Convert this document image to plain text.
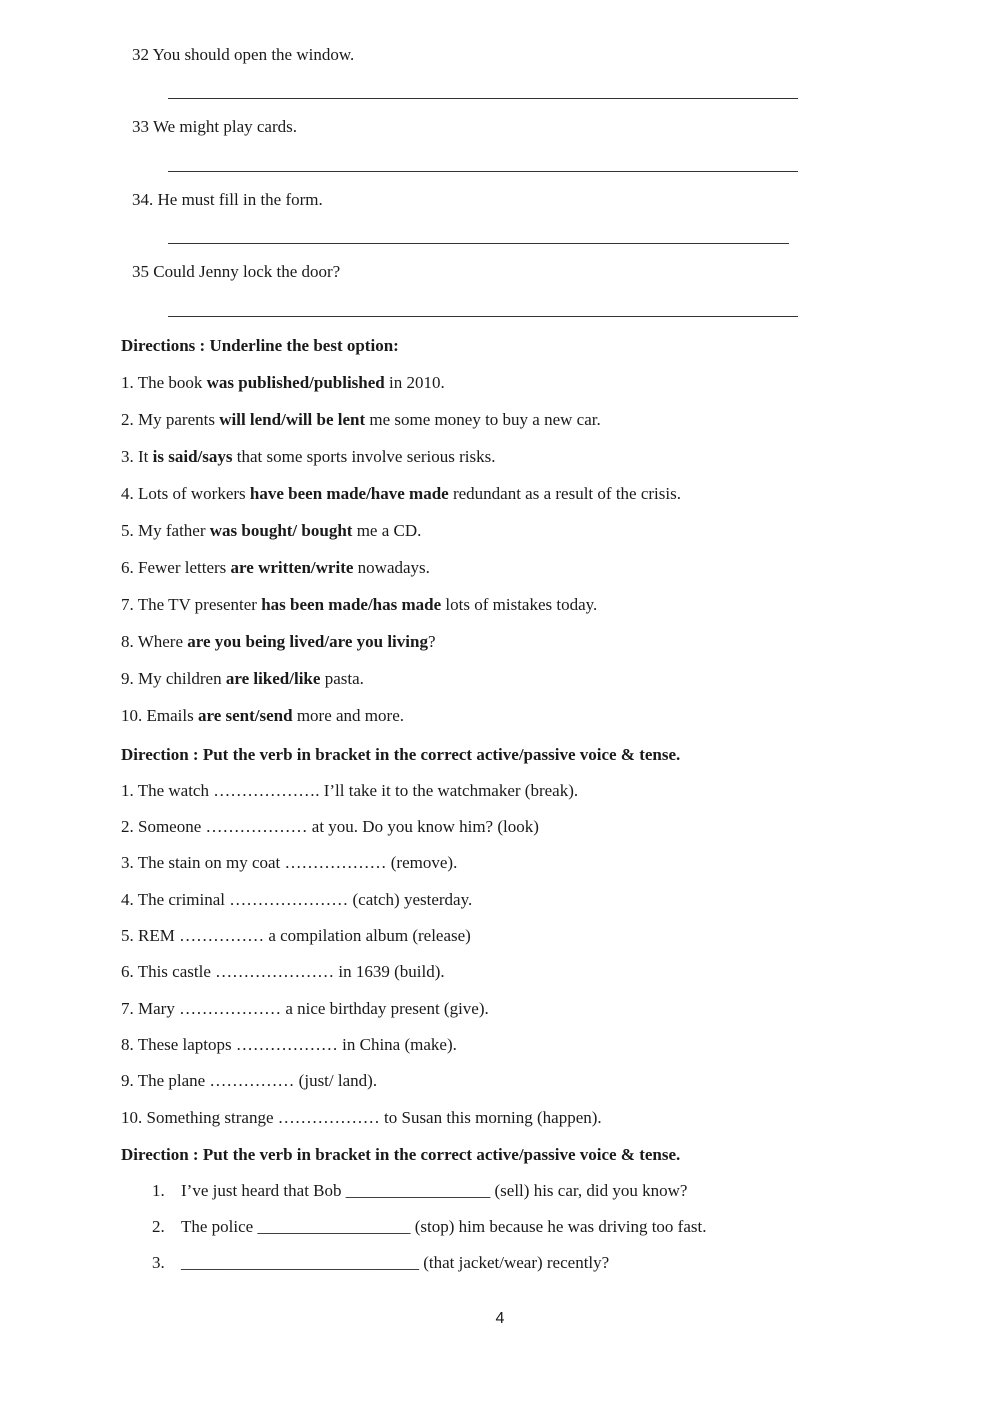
32 You should open the window.
33 We might play cards.
34. He must fill in the form.
35 Could Jenny lock the door?
Directions : Underline the best option:
1. The book was published/published in 2010.
2. My parents will lend/will be lent me some money to buy a new car.
3. It is said/says that some sports involve serious risks.
4. Lots of workers have been made/have made redundant as a result of the crisis.
5. My father was bought/ bought me a CD.
6. Fewer letters are written/write nowadays.
7. The TV presenter has been made/has made lots of mistakes today.
8. Where are you being lived/are you living?
9. My children are liked/like pasta.
10. Emails are sent/send more and more.
Direction : Put the verb in bracket in the correct active/passive voice & tense.
1. The watch ………………. I’ll take it to the watchmaker (break).
2. Someone ……………… at you. Do you know him? (look)
3. The stain on my coat ……………… (remove).
4. The criminal ………………… (catch) yesterday.
5. REM …………… a compilation album (release)
6. This castle ………………… in 1639 (build).
7. Mary ……………… a nice birthday present (give).
8. These laptops ……………… in China (make).
9. The plane …………… (just/ land).
10. Something strange ……………… to Susan this morning (happen).
Direction : Put the verb in bracket in the correct active/passive voice & tense.
1. I’ve just heard that Bob _________________ (sell) his car, did you know?
2. The police __________________ (stop) him because he was driving too fast.
3. ____________________________ (that jacket/wear) recently?
4
